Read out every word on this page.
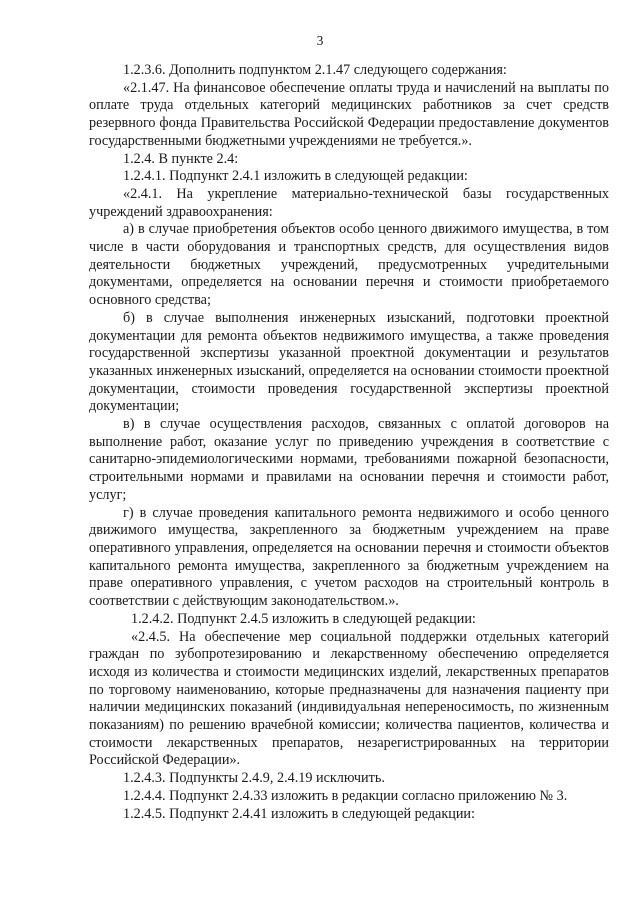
3

1.2.3.6. Дополнить подпунктом 2.1.47 следующего содержания:

«2.1.47. На финансовое обеспечение оплаты труда и начислений на выплаты по оплате труда отдельных категорий медицинских работников за счет средств резервного фонда Правительства Российской Федерации предоставление документов государственными бюджетными учреждениями не требуется.».

1.2.4. В пункте 2.4:

1.2.4.1. Подпункт 2.4.1 изложить в следующей редакции:

«2.4.1. На укрепление материально-технической базы государственных учреждений здравоохранения:

а) в случае приобретения объектов особо ценного движимого имущества, в том числе в части оборудования и транспортных средств, для осуществления видов деятельности бюджетных учреждений, предусмотренных учредительными документами, определяется на основании перечня и стоимости приобретаемого основного средства;

б) в случае выполнения инженерных изысканий, подготовки проектной документации для ремонта объектов недвижимого имущества, а также проведения государственной экспертизы указанной проектной документации и результатов указанных инженерных изысканий, определяется на основании стоимости проектной документации, стоимости проведения государственной экспертизы проектной документации;

в) в случае осуществления расходов, связанных с оплатой договоров на выполнение работ, оказание услуг по приведению учреждения в соответствие с санитарно-эпидемиологическими нормами, требованиями пожарной безопасности, строительными нормами и правилами на основании перечня и стоимости работ, услуг;

г) в случае проведения капитального ремонта недвижимого и особо ценного движимого имущества, закрепленного за бюджетным учреждением на праве оперативного управления, определяется на основании перечня и стоимости объектов капитального ремонта имущества, закрепленного за бюджетным учреждением на праве оперативного управления, с учетом расходов на строительный контроль в соответствии с действующим законодательством.».

1.2.4.2. Подпункт 2.4.5 изложить в следующей редакции:

«2.4.5. На обеспечение мер социальной поддержки отдельных категорий граждан по зубопротезированию и лекарственному обеспечению определяется исходя из количества и стоимости медицинских изделий, лекарственных препаратов по торговому наименованию, которые предназначены для назначения пациенту при наличии медицинских показаний (индивидуальная непереносимость, по жизненным показаниям) по решению врачебной комиссии; количества пациентов, количества и стоимости лекарственных препаратов, незарегистрированных на территории Российской Федерации».

1.2.4.3. Подпункты 2.4.9, 2.4.19 исключить.

1.2.4.4. Подпункт 2.4.33 изложить в редакции согласно приложению № 3.

1.2.4.5. Подпункт 2.4.41 изложить в следующей редакции:
